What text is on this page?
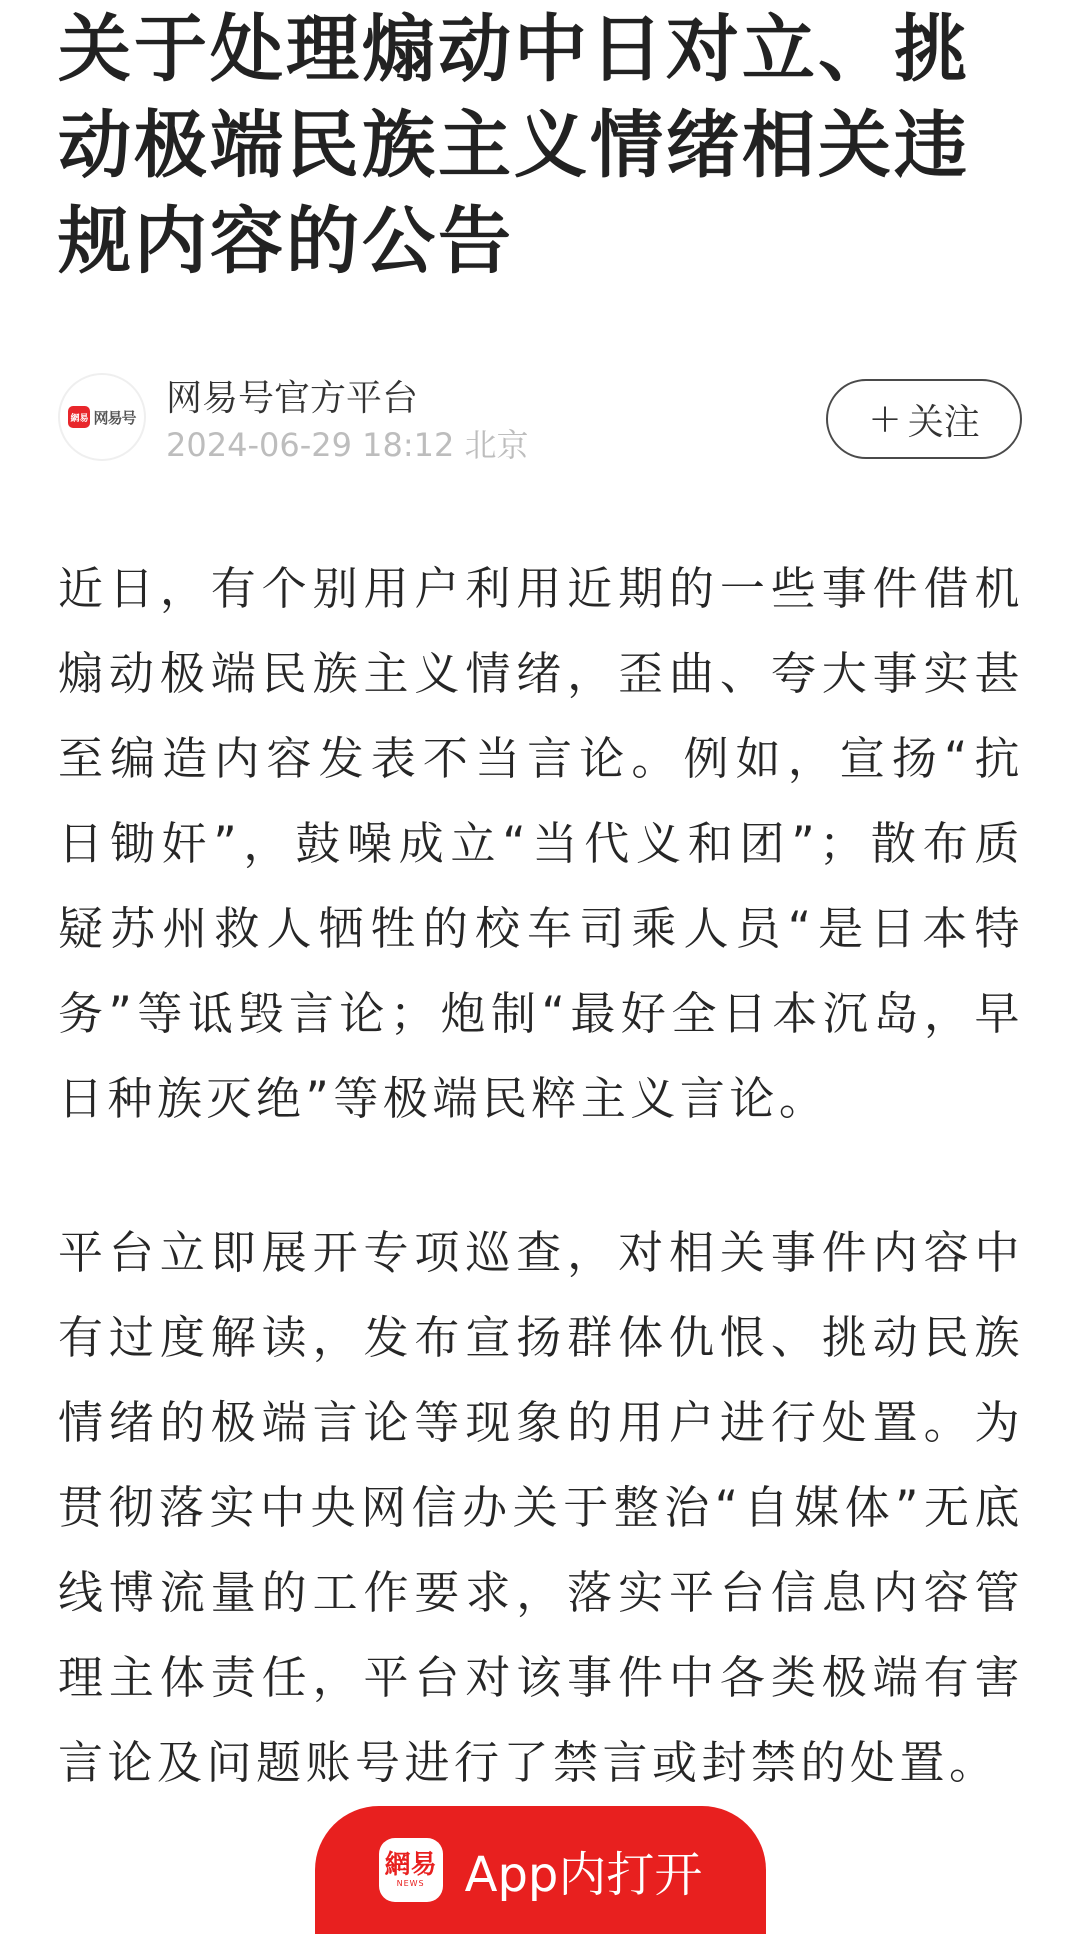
关于处理煽动中日对立、挑动极端民族主义情绪相关违规内容的公告
網易 网易号 网易号官方平台
2024-06-29 18:12 北京
+ 关注

近日，有个别用户利用近期的一些事件借机煽动极端民族主义情绪，歪曲、夸大事实甚至编造内容发表不当言论。例如，宣扬“抗日锄奸”，鼓噪成立“当代义和团”；散布质疑苏州救人牺牲的校车司乘人员“是日本特务”等诋毁言论；炮制“最好全日本沉岛，早日种族灭绝”等极端民粹主义言论。

平台立即展开专项巡查，对相关事件内容中有过度解读，发布宣扬群体仇恨、挑动民族情绪的极端言论等现象的用户进行处置。为贯彻落实中央网信办关于整治“自媒体”无底线博流量的工作要求，落实平台信息内容管理主体责任，平台对该事件中各类极端有害言论及问题账号进行了禁言或封禁的处置。

網易
NEWS App内打开
